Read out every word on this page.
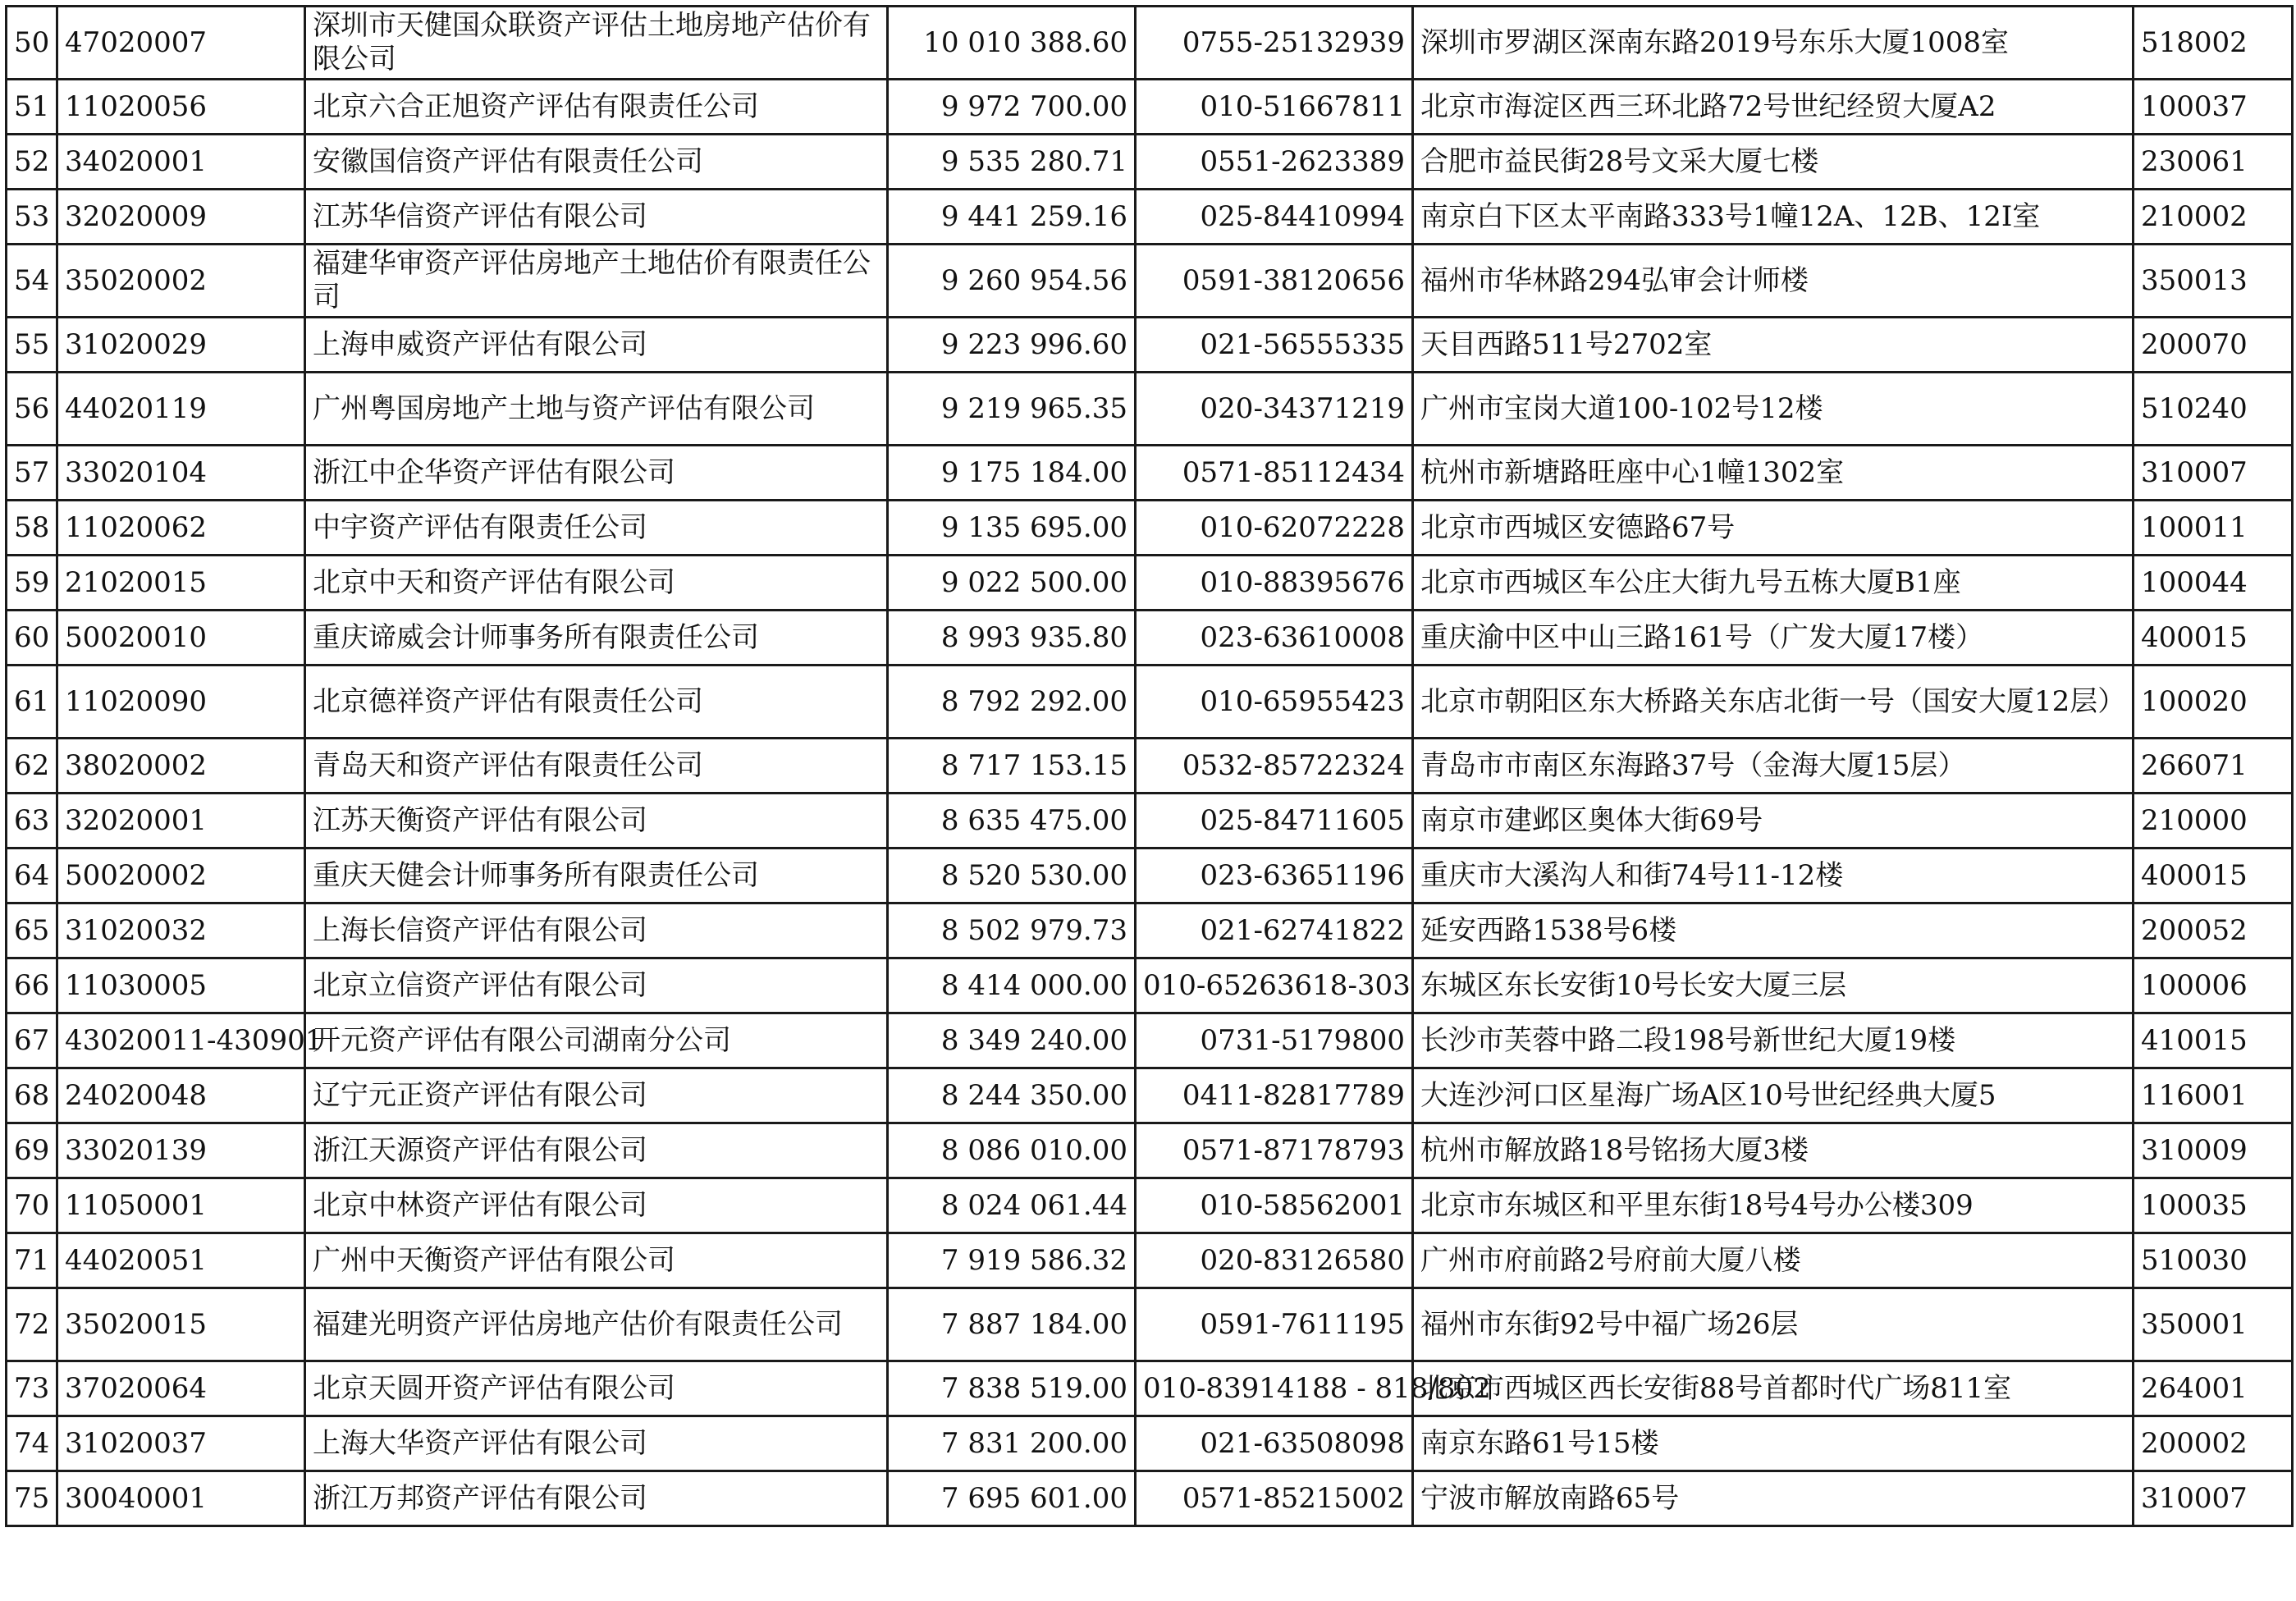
50	47020007	深圳市天健国众联资产评估土地房地产估价有限公司	10 010 388.60	0755-25132939	深圳市罗湖区深南东路2019号东乐大厦1008室	518002
51	11020056	北京六合正旭资产评估有限责任公司	9 972 700.00	010-51667811	北京市海淀区西三环北路72号世纪经贸大厦A2	100037
52	34020001	安徽国信资产评估有限责任公司	9 535 280.71	0551-2623389	合肥市益民街28号文采大厦七楼	230061
53	32020009	江苏华信资产评估有限公司	9 441 259.16	025-84410994	南京白下区太平南路333号1幢12A、12B、12I室	210002
54	35020002	福建华审资产评估房地产土地估价有限责任公司	9 260 954.56	0591-38120656	福州市华林路294弘审会计师楼	350013
55	31020029	上海申威资产评估有限公司	9 223 996.60	021-56555335	天目西路511号2702室	200070
56	44020119	广州粤国房地产土地与资产评估有限公司	9 219 965.35	020-34371219	广州市宝岗大道100-102号12楼	510240
57	33020104	浙江中企华资产评估有限公司	9 175 184.00	0571-85112434	杭州市新塘路旺座中心1幢1302室	310007
58	11020062	中宇资产评估有限责任公司	9 135 695.00	010-62072228	北京市西城区安德路67号	100011
59	21020015	北京中天和资产评估有限公司	9 022 500.00	010-88395676	北京市西城区车公庄大街九号五栋大厦B1座	100044
60	50020010	重庆谛威会计师事务所有限责任公司	8 993 935.80	023-63610008	重庆渝中区中山三路161号（广发大厦17楼）	400015
61	11020090	北京德祥资产评估有限责任公司	8 792 292.00	010-65955423	北京市朝阳区东大桥路关东店北街一号（国安大厦12层）	100020
62	38020002	青岛天和资产评估有限责任公司	8 717 153.15	0532-85722324	青岛市市南区东海路37号（金海大厦15层）	266071
63	32020001	江苏天衡资产评估有限公司	8 635 475.00	025-84711605	南京市建邺区奥体大街69号	210000
64	50020002	重庆天健会计师事务所有限责任公司	8 520 530.00	023-63651196	重庆市大溪沟人和街74号11-12楼	400015
65	31020032	上海长信资产评估有限公司	8 502 979.73	021-62741822	延安西路1538号6楼	200052
66	11030005	北京立信资产评估有限公司	8 414 000.00	010-65263618-303	东城区东长安街10号长安大厦三层	100006
67	43020011-430901	开元资产评估有限公司湖南分公司	8 349 240.00	0731-5179800	长沙市芙蓉中路二段198号新世纪大厦19楼	410015
68	24020048	辽宁元正资产评估有限公司	8 244 350.00	0411-82817789	大连沙河口区星海广场A区10号世纪经典大厦5	116001
69	33020139	浙江天源资产评估有限公司	8 086 010.00	0571-87178793	杭州市解放路18号铭扬大厦3楼	310009
70	11050001	北京中林资产评估有限公司	8 024 061.44	010-58562001	北京市东城区和平里东街18号4号办公楼309	100035
71	44020051	广州中天衡资产评估有限公司	7 919 586.32	020-83126580	广州市府前路2号府前大厦八楼	510030
72	35020015	福建光明资产评估房地产估价有限责任公司	7 887 184.00	0591-7611195	福州市东街92号中福广场26层	350001
73	37020064	北京天圆开资产评估有限公司	7 838 519.00	010-83914188 - 818/802	北京市西城区西长安街88号首都时代广场811室	264001
74	31020037	上海大华资产评估有限公司	7 831 200.00	021-63508098	南京东路61号15楼	200002
75	30040001	浙江万邦资产评估有限公司	7 695 601.00	0571-85215002	宁波市解放南路65号	310007
